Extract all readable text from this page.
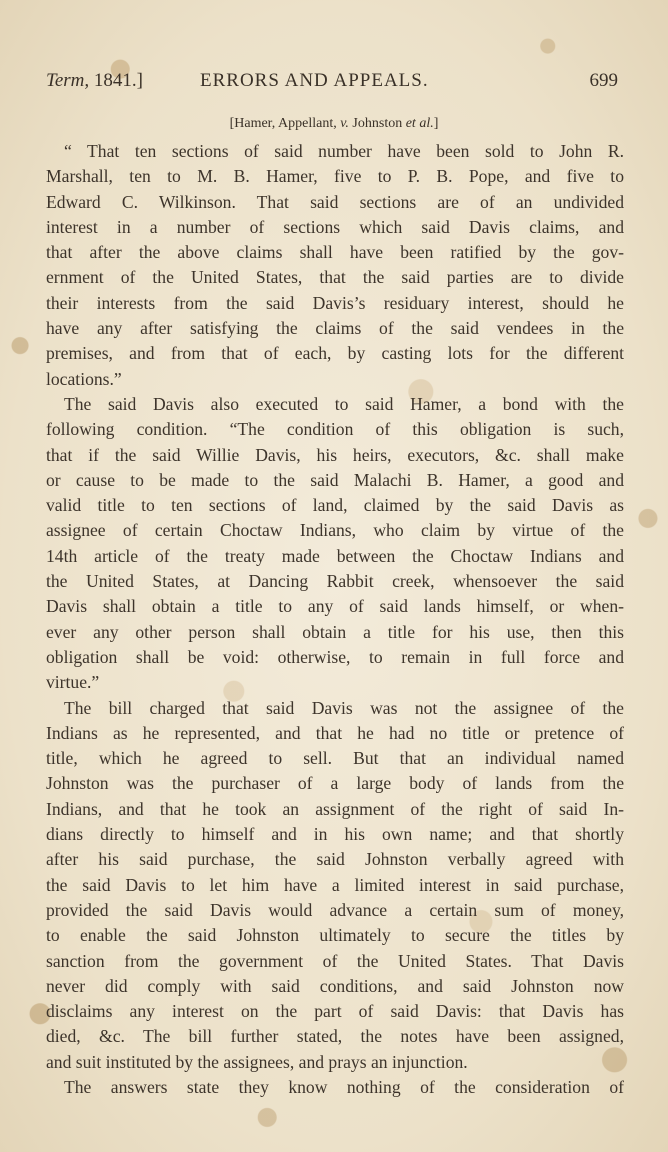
Term, 1841.]	ERRORS AND APPEALS.	699
[Hamer, Appellant, v. Johnston et al.]
“ That ten sections of said number have been sold to John R.
Marshall, ten to M. B. Hamer, five to P. B. Pope, and five to
Edward C. Wilkinson. That said sections are of an undivided
interest in a number of sections which said Davis claims, and
that after the above claims shall have been ratified by the gov-
ernment of the United States, that the said parties are to divide
their interests from the said Davis’s residuary interest, should he
have any after satisfying the claims of the said vendees in the
premises, and from that of each, by casting lots for the different
locations.”
The said Davis also executed to said Hamer, a bond with the
following condition. “The condition of this obligation is such,
that if the said Willie Davis, his heirs, executors, &c. shall make
or cause to be made to the said Malachi B. Hamer, a good and
valid title to ten sections of land, claimed by the said Davis as
assignee of certain Choctaw Indians, who claim by virtue of the
14th article of the treaty made between the Choctaw Indians and
the United States, at Dancing Rabbit creek, whensoever the said
Davis shall obtain a title to any of said lands himself, or when-
ever any other person shall obtain a title for his use, then this
obligation shall be void: otherwise, to remain in full force and
virtue.”
The bill charged that said Davis was not the assignee of the
Indians as he represented, and that he had no title or pretence of
title, which he agreed to sell. But that an individual named
Johnston was the purchaser of a large body of lands from the
Indians, and that he took an assignment of the right of said In-
dians directly to himself and in his own name; and that shortly
after his said purchase, the said Johnston verbally agreed with
the said Davis to let him have a limited interest in said purchase,
provided the said Davis would advance a certain sum of money,
to enable the said Johnston ultimately to secure the titles by
sanction from the government of the United States. That Davis
never did comply with said conditions, and said Johnston now
disclaims any interest on the part of said Davis: that Davis has
died, &c. The bill further stated, the notes have been assigned,
and suit instituted by the assignees, and prays an injunction.
The answers state they know nothing of the consideration of
